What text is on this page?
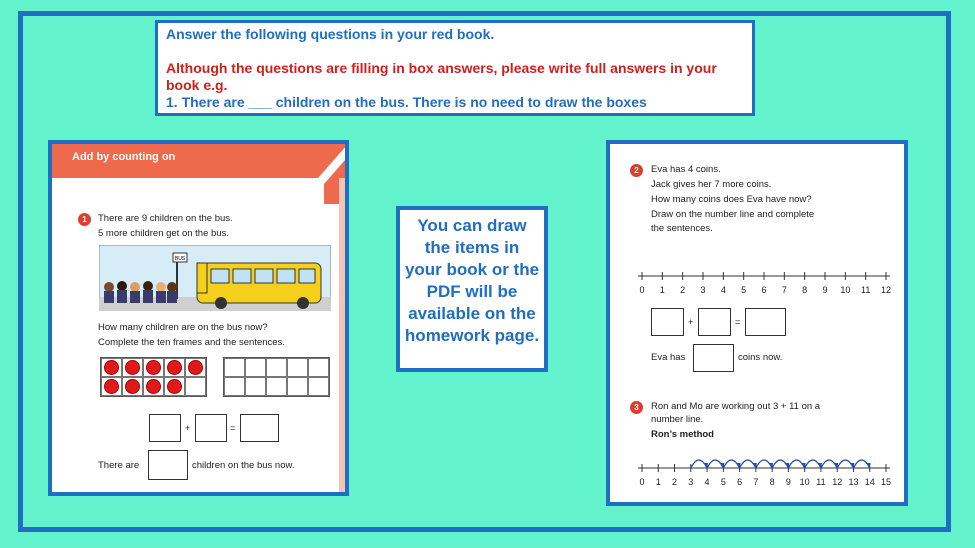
Answer the following questions in your red book.
Although the questions are filling in box answers, please write full answers in your book e.g.
1. There are ___ children on the bus. There is no need to draw the boxes
Add by counting on
1	There are 9 children on the bus.
5 more children get on the bus.
BUS
How many children are on the bus now?
Complete the ten frames and the sentences.
+	=
There are	children on the bus now.
You can draw the items in your book or the PDF will be available on the homework page.
2	Eva has 4 coins.
Jack gives her 7 more coins.
How many coins does Eva have now?
Draw on the number line and complete
the sentences.
0 1 2 3 4 5 6 7 8 9 10 11 12
+	=
Eva has	coins now.
3	Ron and Mo are working out 3 + 11 on a
number line.
Ron’s method
0 1 2 3 4 5 6 7 8 9 10 11 12 13 14 15
